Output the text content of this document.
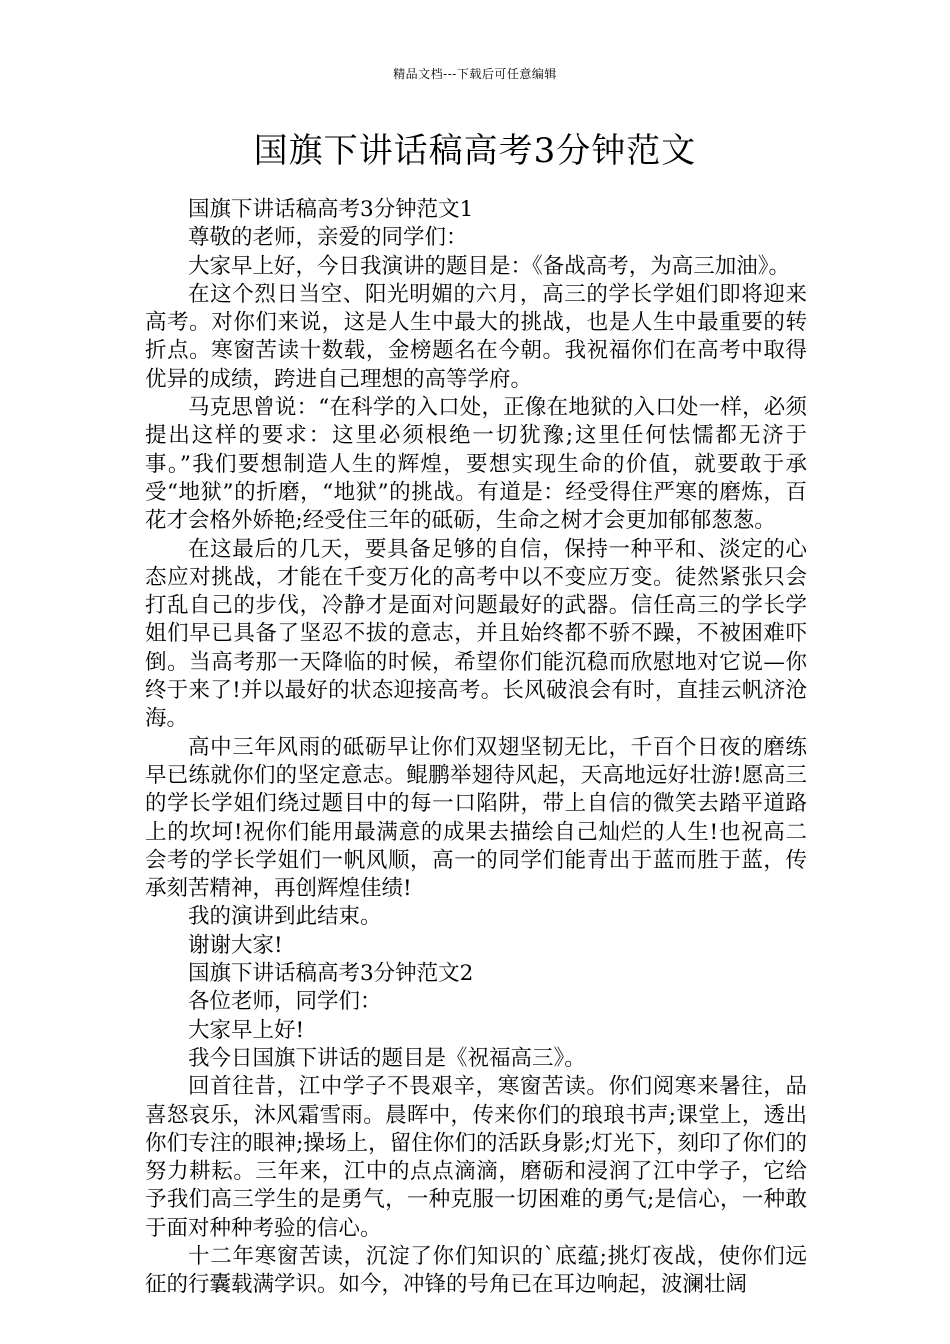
精品文档---下载后可任意编辑
国旗下讲话稿高考3分钟范文

国旗下讲话稿高考3分钟范文1

尊敬的老师，亲爱的同学们：

大家早上好，今日我演讲的题目是：《备战高考，为高三加油》。

在这个烈日当空、阳光明媚的六月，高三的学长学姐们即将迎来高考。对你们来说，这是人生中最大的挑战，也是人生中最重要的转折点。寒窗苦读十数载，金榜题名在今朝。我祝福你们在高考中取得优异的成绩，跨进自己理想的高等学府。

马克思曾说：“在科学的入口处，正像在地狱的入口处一样，必须提出这样的要求：这里必须根绝一切犹豫;这里任何怯懦都无济于事。”我们要想制造人生的辉煌，要想实现生命的价值，就要敢于承受“地狱”的折磨，“地狱”的挑战。有道是：经受得住严寒的磨炼，百花才会格外娇艳;经受住三年的砥砺，生命之树才会更加郁郁葱葱。

在这最后的几天，要具备足够的自信，保持一种平和、淡定的心态应对挑战，才能在千变万化的高考中以不变应万变。徒然紧张只会打乱自己的步伐，冷静才是面对问题最好的武器。信任高三的学长学姐们早已具备了坚忍不拔的意志，并且始终都不骄不躁，不被困难吓倒。当高考那一天降临的时候，希望你们能沉稳而欣慰地对它说—你终于来了!并以最好的状态迎接高考。长风破浪会有时，直挂云帆济沧海。

高中三年风雨的砥砺早让你们双翅坚韧无比，千百个日夜的磨练早已练就你们的坚定意志。鲲鹏举翅待风起，天高地远好壮游!愿高三的学长学姐们绕过题目中的每一口陷阱，带上自信的微笑去踏平道路上的坎坷!祝你们能用最满意的成果去描绘自己灿烂的人生!也祝高二会考的学长学姐们一帆风顺，高一的同学们能青出于蓝而胜于蓝，传承刻苦精神，再创辉煌佳绩!

我的演讲到此结束。

谢谢大家!

国旗下讲话稿高考3分钟范文2

各位老师，同学们：

大家早上好!

我今日国旗下讲话的题目是《祝福高三》。

回首往昔，江中学子不畏艰辛，寒窗苦读。你们阅寒来暑往，品喜怒哀乐，沐风霜雪雨。晨晖中，传来你们的琅琅书声;课堂上，透出你们专注的眼神;操场上，留住你们的活跃身影;灯光下，刻印了你们的努力耕耘。三年来，江中的点点滴滴，磨砺和浸润了江中学子，它给予我们高三学生的是勇气，一种克服一切困难的勇气;是信心，一种敢于面对种种考验的信心。

十二年寒窗苦读，沉淀了你们知识的`底蕴;挑灯夜战，使你们远征的行囊载满学识。如今，冲锋的号角已在耳边响起，波澜壮阔
